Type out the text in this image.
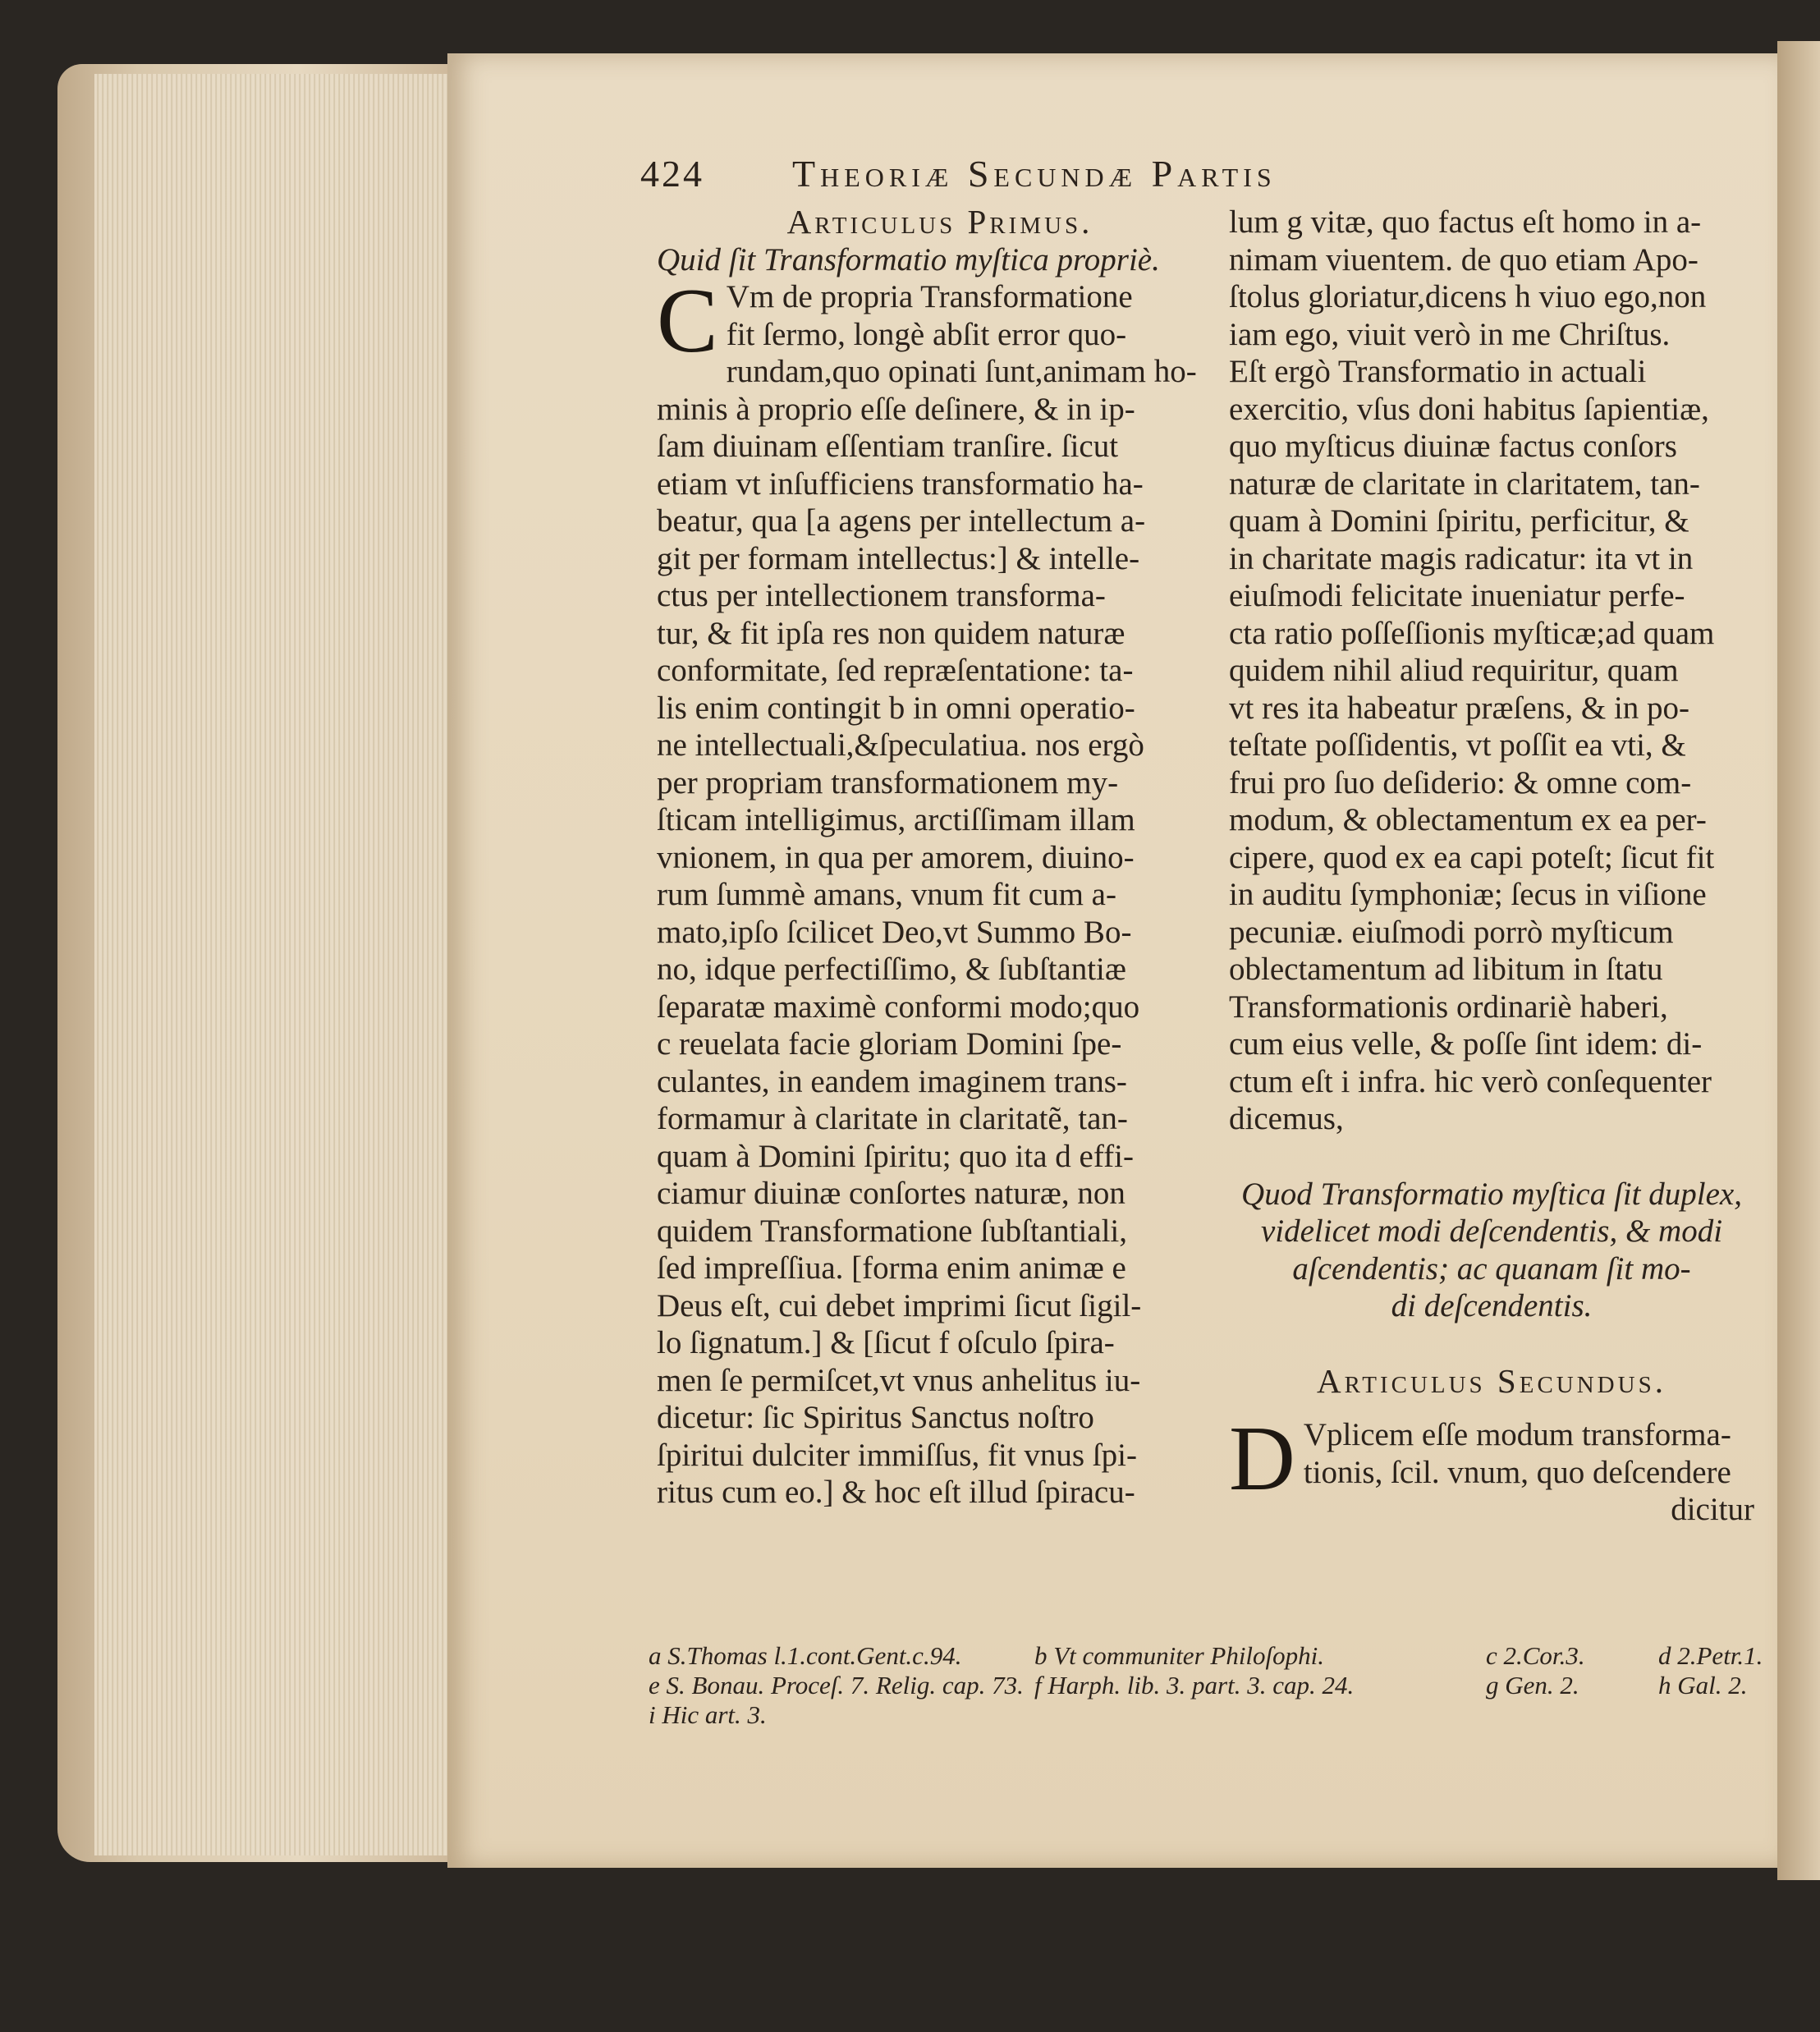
424 Theoriæ Secundæ Partis

Articulus Primus.

Quid ſit Transformatio myſtica propriè.

C Vm de propria Transformatione

fit ſermo, longè abſit error quo-

rundam,quo opinati ſunt,animam ho-

minis à proprio eſſe deſinere, & in ip-

ſam diuinam eſſentiam tranſire. ſicut

etiam vt inſufficiens transformatio ha-

beatur, qua [a agens per intellectum a-

git per formam intellectus:] & intelle-

ctus per intellectionem transforma-

tur, & fit ipſa res non quidem naturæ

conformitate, ſed repræſentatione: ta-

lis enim contingit b in omni operatio-

ne intellectuali,&ſpeculatiua. nos ergò

per propriam transformationem my-

ſticam intelligimus, arctiſſimam illam

vnionem, in qua per amorem, diuino-

rum ſummè amans, vnum fit cum a-

mato,ipſo ſcilicet Deo,vt Summo Bo-

no, idque perfectiſſimo, & ſubſtantiæ

ſeparatæ maximè conformi modo;quo

c reuelata facie gloriam Domini ſpe-

culantes, in eandem imaginem trans-

formamur à claritate in claritatẽ, tan-

quam à Domini ſpiritu; quo ita d effi-

ciamur diuinæ conſortes naturæ, non

quidem Transformatione ſubſtantiali,

ſed impreſſiua. [forma enim animæ e

Deus eſt, cui debet imprimi ſicut ſigil-

lo ſignatum.] & [ſicut f oſculo ſpira-

men ſe permiſcet,vt vnus anhelitus iu-

dicetur: ſic Spiritus Sanctus noſtro

ſpiritui dulciter immiſſus, fit vnus ſpi-

ritus cum eo.] & hoc eſt illud ſpiracu-

lum g vitæ, quo factus eſt homo in a-

nimam viuentem. de quo etiam Apo-

ſtolus gloriatur,dicens h viuo ego,non

iam ego, viuit verò in me Chriſtus.

Eſt ergò Transformatio in actuali

exercitio, vſus doni habitus ſapientiæ,

quo myſticus diuinæ factus conſors

naturæ de claritate in claritatem, tan-

quam à Domini ſpiritu, perficitur, &

in charitate magis radicatur: ita vt in

eiuſmodi felicitate inueniatur perfe-

cta ratio poſſeſſionis myſticæ;ad quam

quidem nihil aliud requiritur, quam

vt res ita habeatur præſens, & in po-

teſtate poſſidentis, vt poſſit ea vti, &

frui pro ſuo deſiderio: & omne com-

modum, & oblectamentum ex ea per-

cipere, quod ex ea capi poteſt; ſicut fit

in auditu ſymphoniæ; ſecus in viſione

pecuniæ. eiuſmodi porrò myſticum

oblectamentum ad libitum in ſtatu

Transformationis ordinariè haberi,

cum eius velle, & poſſe ſint idem: di-

ctum eſt i infra. hic verò conſequenter

dicemus,

Quod Transformatio myſtica ſit duplex,

videlicet modi deſcendentis, & modi

aſcendentis; ac quanam ſit mo-

di deſcendentis.

Articulus Secundus.

D Vplicem eſſe modum transforma-

tionis, ſcil. vnum, quo deſcendere

dicitur

a S.Thomas l.1.cont.Gent.c.94.	b Vt communiter Philoſophi.	c 2.Cor.3.	d 2.Petr.1.
e S. Bonau. Proceſ. 7. Relig. cap. 73. f Harph. lib. 3. part. 3. cap. 24.	g Gen. 2.	h Gal. 2.
i Hic art. 3.
